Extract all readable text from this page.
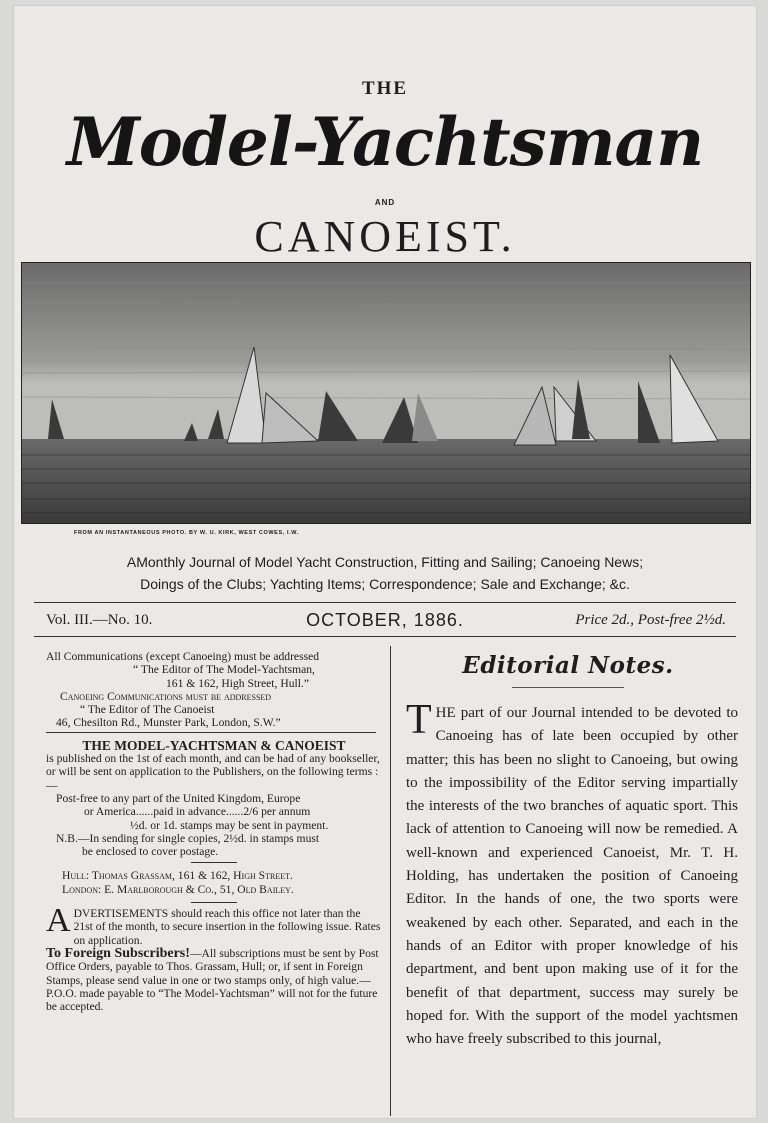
THE
Model-Yachtsman
AND
CANOEIST.
FROM AN INSTANTANEOUS PHOTO. BY W. U. KIRK, WEST COWES, I.W.
AMonthly Journal of Model Yacht Construction, Fitting and Sailing; Canoeing News;
Doings of the Clubs; Yachting Items; Correspondence; Sale and Exchange; &c.
Vol. III.—No. 10.	OCTOBER, 1886.	Price 2d., Post-free 2½d.

All Communications (except Canoeing) must be addressed

“ The Editor of The Model-Yachtsman,

161 & 162, High Street, Hull.”

Canoeing Communications must be addressed

“ The Editor of The Canoeist

46, Chesilton Rd., Munster Park, London, S.W.”

THE MODEL-YACHTSMAN & CANOEIST

is published on the 1st of each month, and can be had of any bookseller, or will be sent on application to the Publishers, on the following terms :—

Post-free to any part of the United Kingdom, Europe

or America......paid in advance......2/6 per annum

½d. or 1d. stamps may be sent in payment.

N.B.—In sending for single copies, 2½d. in stamps must

be enclosed to cover postage.

Hull: Thomas Grassam, 161 & 162, High Street.

London: E. Marlborough & Co., 51, Old Bailey.

ADVERTISEMENTS should reach this office not later than the 21st of the month, to secure insertion in the following issue. Rates on application.

To Foreign Subscribers!—All subscriptions must be sent by Post Office Orders, payable to Thos. Grassam, Hull; or, if sent in Foreign Stamps, please send value in one or two stamps only, of high value.—P.O.O. made payable to “The Model-Yachtsman” will not for the future be accepted.

Editorial Notes.

THE part of our Journal intended to be devoted to Canoeing has of late been occupied by other matter; this has been no slight to Canoeing, but owing to the impossibility of the Editor serving impartially the interests of the two branches of aquatic sport. This lack of attention to Canoeing will now be remedied. A well-known and experienced Canoeist, Mr. T. H. Holding, has undertaken the position of Canoeing Editor. In the hands of one, the two sports were weakened by each other. Separated, and each in the hands of an Editor with proper knowledge of his department, and bent upon making use of it for the benefit of that department, success may surely be hoped for. With the support of the model yachtsmen who have freely subscribed to this journal,
